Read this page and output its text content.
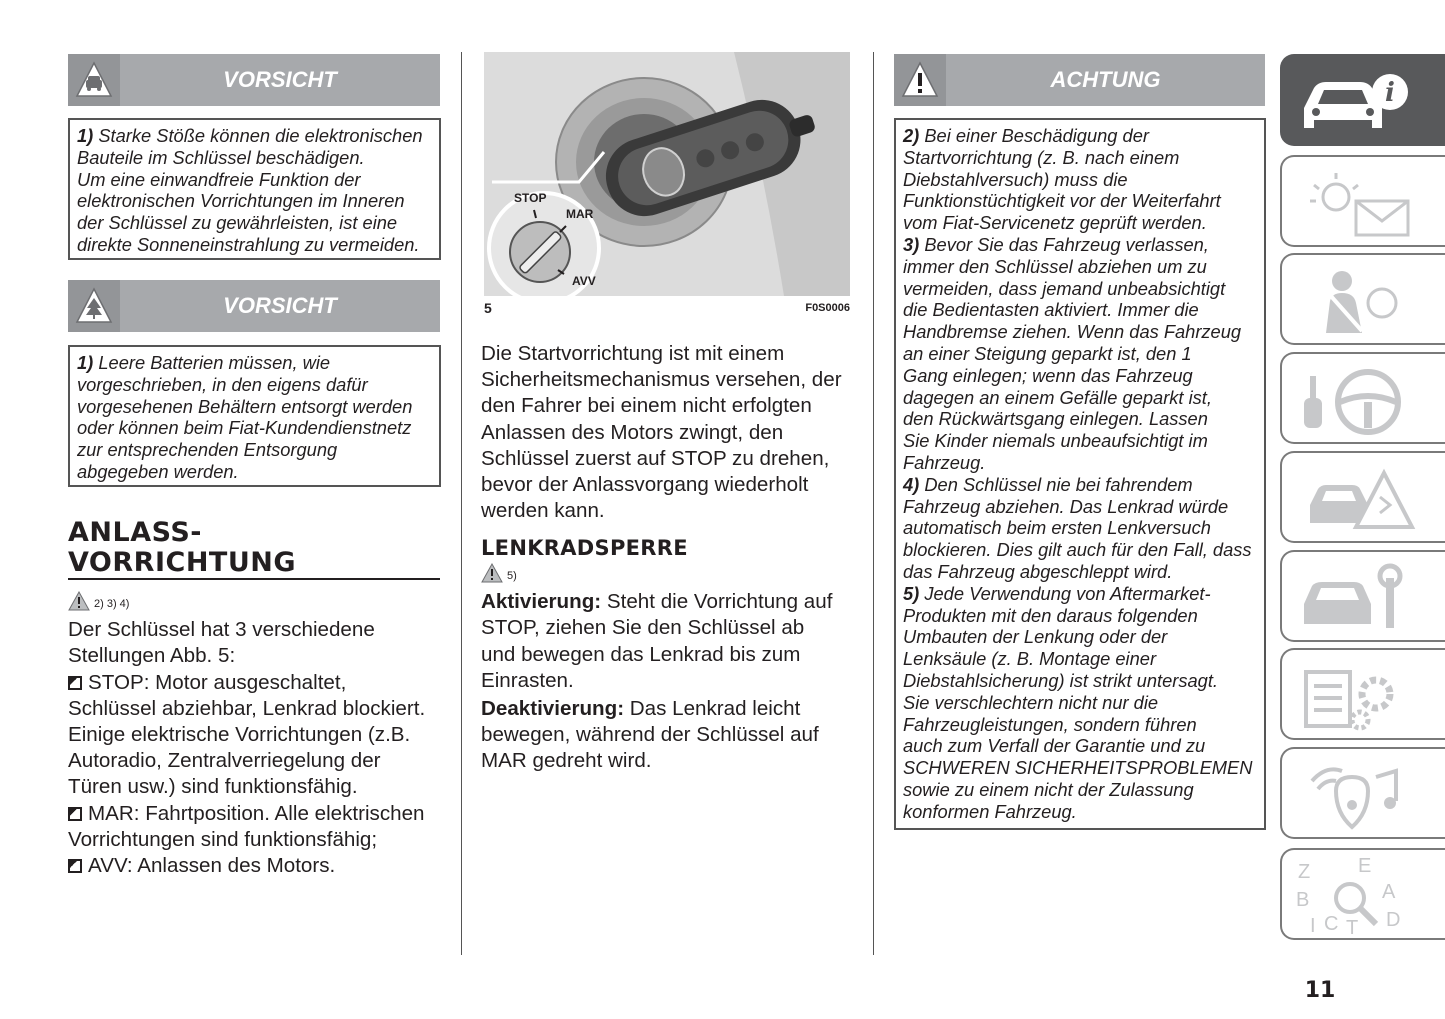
VORSICHT

1) Starke Stöße können die elektronischen

Bauteile im Schlüssel beschädigen.

Um eine einwandfreie Funktion der

elektronischen Vorrichtungen im Inneren

der Schlüssel zu gewährleisten, ist eine

direkte Sonneneinstrahlung zu vermeiden.

VORSICHT

1) Leere Batterien müssen, wie

vorgeschrieben, in den eigens dafür

vorgesehenen Behältern entsorgt werden

oder können beim Fiat-Kundendienstnetz

zur entsprechenden Entsorgung

abgegeben werden.

ANLASS-
VORRICHTUNG

2) 3) 4)

Der Schlüssel hat 3 verschiedene

Stellungen Abb. 5:

STOP: Motor ausgeschaltet,

Schlüssel abziehbar, Lenkrad blockiert.

Einige elektrische Vorrichtungen (z.B.

Autoradio, Zentralverriegelung der

Türen usw.) sind funktionsfähig.

MAR: Fahrtposition. Alle elektrischen

Vorrichtungen sind funktionsfähig;

AVV: Anlassen des Motors.

STOP
MAR
AVV
5	F0S0006

Die Startvorrichtung ist mit einem

Sicherheitsmechanismus versehen, der

den Fahrer bei einem nicht erfolgten

Anlassen des Motors zwingt, den

Schlüssel zuerst auf STOP zu drehen,

bevor der Anlassvorgang wiederholt

werden kann.

LENKRADSPERRE

5)

Aktivierung: Steht die Vorrichtung auf

STOP, ziehen Sie den Schlüssel ab

und bewegen das Lenkrad bis zum

Einrasten.

Deaktivierung: Das Lenkrad leicht

bewegen, während der Schlüssel auf

MAR gedreht wird.

ACHTUNG

2) Bei einer Beschädigung der

Startvorrichtung (z. B. nach einem

Diebstahlversuch) muss die

Funktionstüchtigkeit vor der Weiterfahrt

vom Fiat-Servicenetz geprüft werden.

3) Bevor Sie das Fahrzeug verlassen,

immer den Schlüssel abziehen um zu

vermeiden, dass jemand unbeabsichtigt

die Bedientasten aktiviert. Immer die

Handbremse ziehen. Wenn das Fahrzeug

an einer Steigung geparkt ist, den 1

Gang einlegen; wenn das Fahrzeug

dagegen an einem Gefälle geparkt ist,

den Rückwärtsgang einlegen. Lassen

Sie Kinder niemals unbeaufsichtigt im

Fahrzeug.

4) Den Schlüssel nie bei fahrendem

Fahrzeug abziehen. Das Lenkrad würde

automatisch beim ersten Lenkversuch

blockieren. Dies gilt auch für den Fall, dass

das Fahrzeug abgeschleppt wird.

5) Jede Verwendung von Aftermarket-

Produkten mit den daraus folgenden

Umbauten der Lenkung oder der

Lenksäule (z. B. Montage einer

Diebstahlsicherung) ist strikt untersagt.

Sie verschlechtern nicht nur die

Fahrzeugleistungen, sondern führen

auch zum Verfall der Garantie und zu

SCHWEREN SICHERHEITSPROBLEMEN

sowie zu einem nicht der Zulassung

konformen Fahrzeug.

i
Z E
A
B
D
I C T
11
